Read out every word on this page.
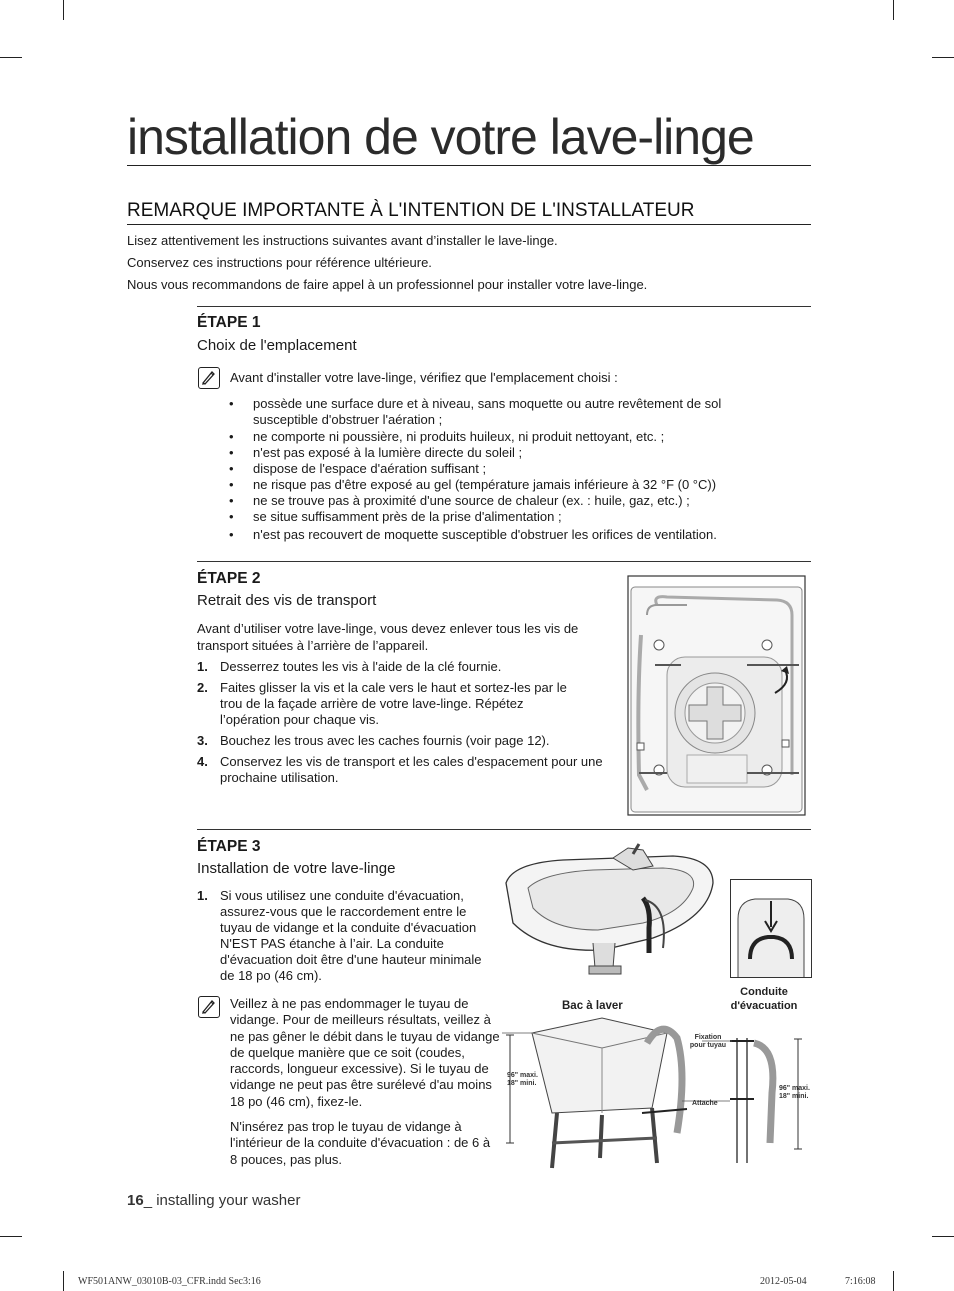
installation de votre lave-linge
REMARQUE IMPORTANTE À L'INTENTION DE L'INSTALLATEUR
Lisez attentivement les instructions suivantes avant d’installer le lave-linge.
Conservez ces instructions pour référence ultérieure.
Nous vous recommandons de faire appel à un professionnel pour installer votre lave-linge.
ÉTAPE 1
Choix de l'emplacement
Avant d'installer votre lave-linge, vérifiez que l'emplacement choisi :
• possède une surface dure et à niveau, sans moquette ou autre revêtement de sol susceptible d'obstruer l'aération ;
• ne comporte ni poussière, ni produits huileux, ni produit nettoyant, etc. ;
• n'est pas exposé à la lumière directe du soleil ;
• dispose de l'espace d'aération suffisant ;
• ne risque pas d'être exposé au gel (température jamais inférieure à 32 °F (0 °C))
• ne se trouve pas à proximité d'une source de chaleur (ex. : huile, gaz, etc.) ;
• se situe suffisamment près de la prise d'alimentation ;
• n'est pas recouvert de moquette susceptible d'obstruer les orifices de ventilation.
ÉTAPE 2
Retrait des vis de transport
Avant d’utiliser votre lave-linge, vous devez enlever tous les vis de transport situées à l’arrière de l’appareil.
1. Desserrez toutes les vis à l'aide de la clé fournie.
2. Faites glisser la vis et la cale vers le haut et sortez-les par le trou de la façade arrière de votre lave-linge. Répétez l’opération pour chaque vis.
3. Bouchez les trous avec les caches fournis (voir page 12).
4. Conservez les vis de transport et les cales d'espacement pour une prochaine utilisation.
ÉTAPE 3
Installation de votre lave-linge
1. Si vous utilisez une conduite d'évacuation, assurez-vous que le raccordement entre le tuyau de vidange et la conduite d'évacuation N'EST PAS étanche à l’air. La conduite d'évacuation doit être d'une hauteur minimale de 18 po (46 cm).
Veillez à ne pas endommager le tuyau de vidange. Pour de meilleurs résultats, veillez à ne pas gêner le débit dans le tuyau de vidange de quelque manière que ce soit (coudes, raccords, longueur excessive). Si le tuyau de vidange ne peut pas être surélevé d'au moins 18 po (46 cm), fixez-le.
N'insérez pas trop le tuyau de vidange à l'intérieur de la conduite d'évacuation : de 6 à 8 pouces, pas plus.
Bac à laver
Conduite d'évacuation
Fixation pour tuyau
Attache
96" maxi. 18" mini.
96" maxi. 18" mini.
16_ installing your washer
WF501ANW_03010B-03_CFR.indd Sec3:16	2012-05-04	7:16:08
